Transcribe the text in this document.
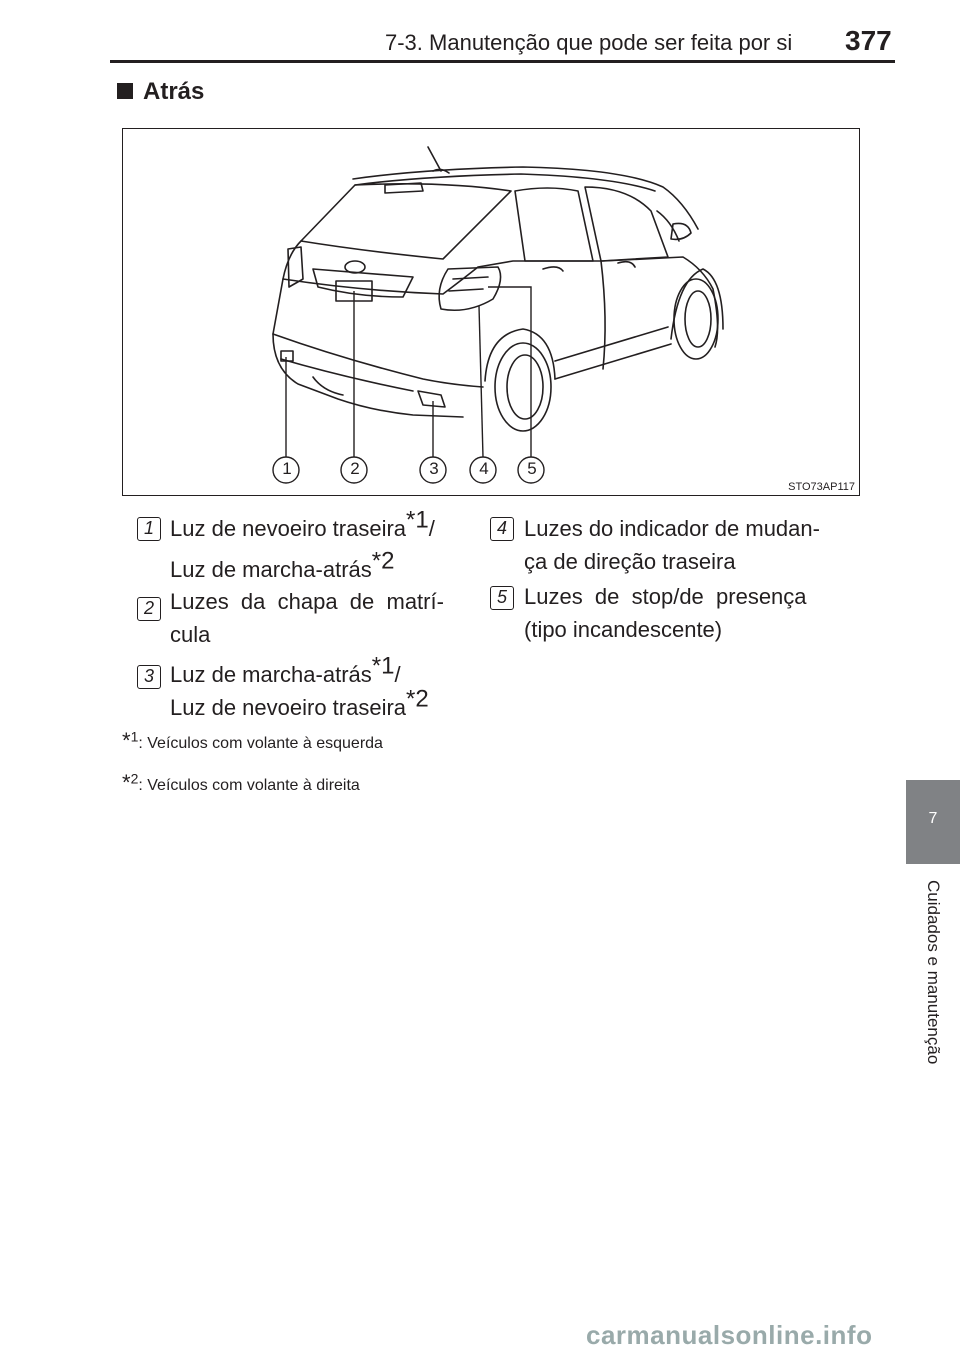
7-3. Manutenção que pode ser feita por si 377
Atrás
1	2	3 4 5
STO73AP117
1 Luz de nevoeiro traseira$^{*1}$/
Luz de marcha-atrás$^{*2}$
2 Luzes  da  chapa  de  matrí-
cula
3 Luz de marcha-atrás$^{*1}$/
Luz de nevoeiro traseira$^{*2}$
4 Luzes do indicador de mudan-
ça de direção traseira
5 Luzes  de  stop/de  presença
(tipo incandescente)
*$^1$: Veículos com volante à esquerda
*$^2$: Veículos com volante à direita
7
Cuidados e manutenção
carmanualsonline.info
